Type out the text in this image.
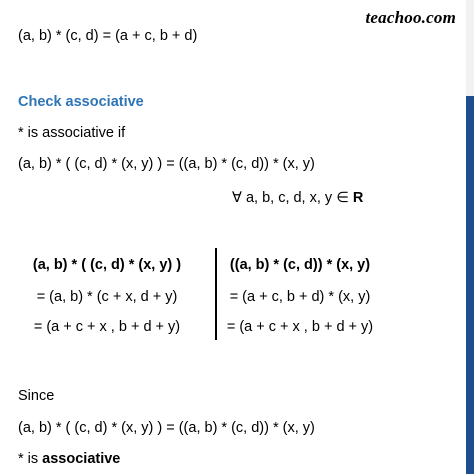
teachoo.com
(a, b) * (c, d) = (a + c, b + d)
Check associative
* is associative if
(a, b) * ( (c, d) * (x, y) ) = ((a, b) * (c, d)) * (x, y)
∀ a, b, c, d, x, y ∈ R
(a, b) * ( (c, d) * (x, y) )
= (a, b) * (c + x, d + y)
= (a + c + x , b + d + y)
((a, b) * (c, d)) * (x, y)
= (a + c, b + d) * (x, y)
= (a + c + x , b + d + y)
Since
(a, b) * ( (c, d) * (x, y) ) = ((a, b) * (c, d)) * (x, y)
* is associative
